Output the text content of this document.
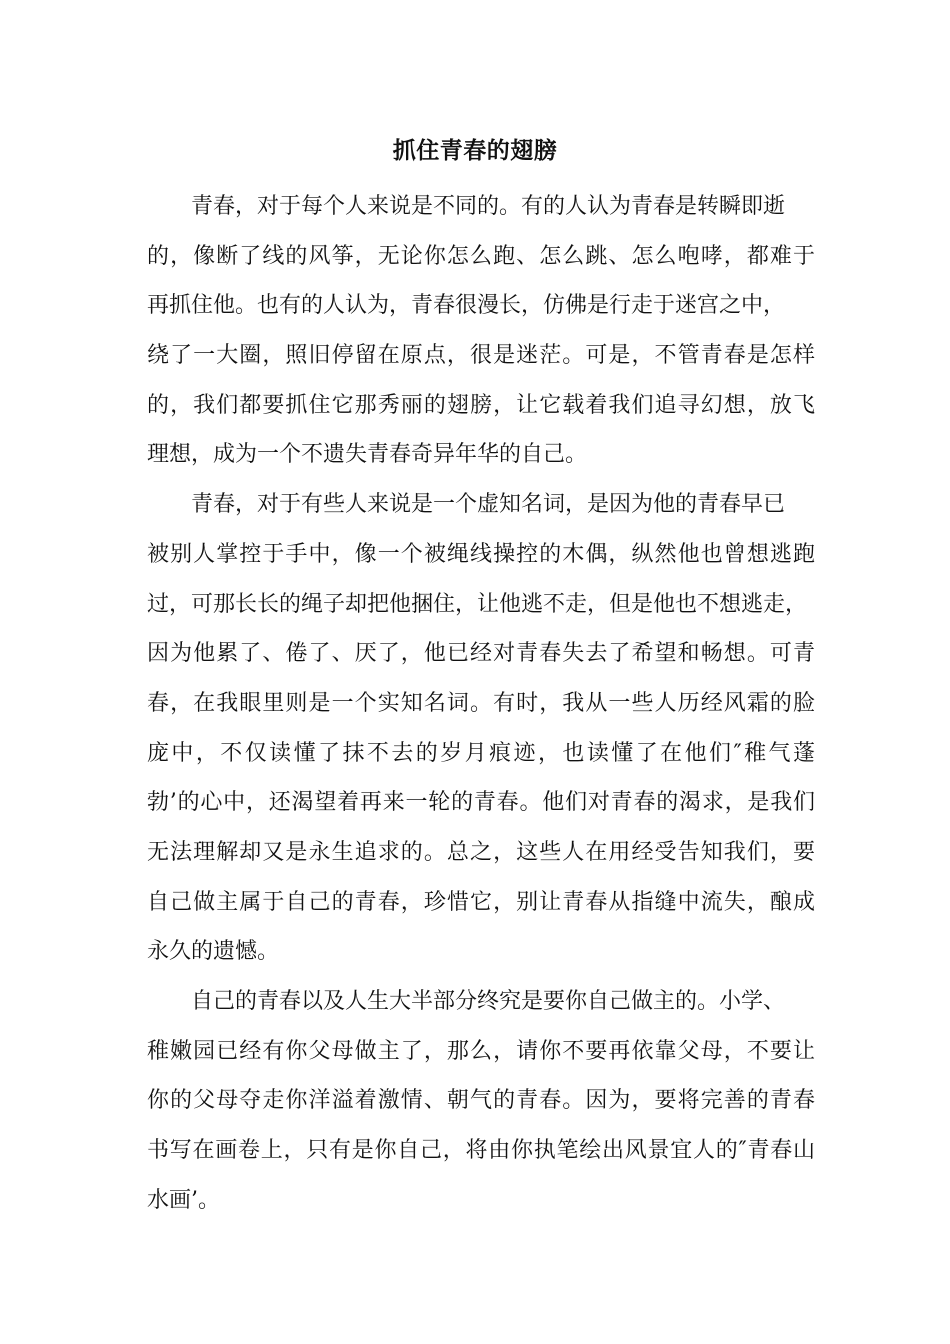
抓住青春的翅膀
青春，对于每个人来说是不同的。有的人认为青春是转瞬即逝
的，像断了线的风筝，无论你怎么跑、怎么跳、怎么咆哮，都难于
再抓住他。也有的人认为，青春很漫长，仿佛是行走于迷宫之中，
绕了一大圈，照旧停留在原点，很是迷茫。可是，不管青春是怎样
的，我们都要抓住它那秀丽的翅膀，让它载着我们追寻幻想，放飞
理想，成为一个不遗失青春奇异年华的自己。
青春，对于有些人来说是一个虚知名词，是因为他的青春早已
被别人掌控于手中，像一个被绳线操控的木偶，纵然他也曾想逃跑
过，可那长长的绳子却把他捆住，让他逃不走，但是他也不想逃走，
因为他累了、倦了、厌了，他已经对青春失去了希望和畅想。可青
春，在我眼里则是一个实知名词。有时，我从一些人历经风霜的脸
庞中，不仅读懂了抹不去的岁月痕迹，也读懂了在他们″稚气蓬
勃’的心中，还渴望着再来一轮的青春。他们对青春的渴求，是我们
无法理解却又是永生追求的。总之，这些人在用经受告知我们，要
自己做主属于自己的青春，珍惜它，别让青春从指缝中流失，酿成
永久的遗憾。
自己的青春以及人生大半部分终究是要你自己做主的。小学、
稚嫩园已经有你父母做主了，那么，请你不要再依靠父母，不要让
你的父母夺走你洋溢着激情、朝气的青春。因为，要将完善的青春
书写在画卷上，只有是你自己，将由你执笔绘出风景宜人的″青春山
水画’。
